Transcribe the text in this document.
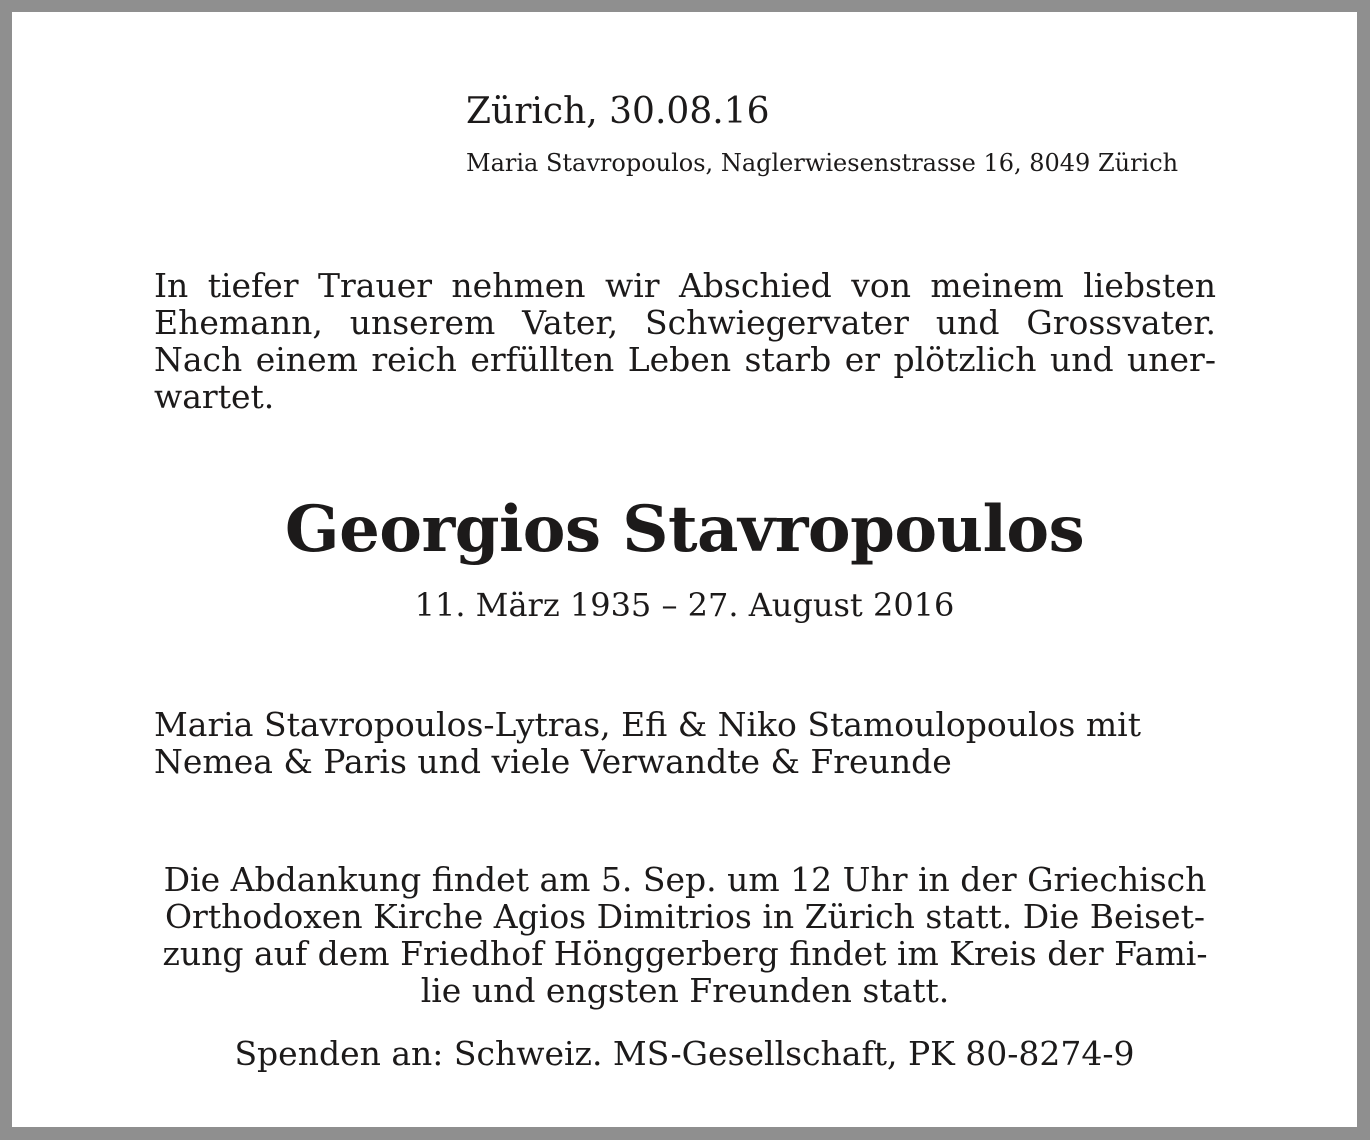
Zürich, 30.08.16
Maria Stavropoulos, Naglerwiesenstrasse 16, 8049 Zürich
In tiefer Trauer nehmen wir Abschied von meinem liebsten
Ehemann, unserem Vater, Schwiegervater und Grossvater.
Nach einem reich erfüllten Leben starb er plötzlich und uner-
wartet.
Georgios Stavropoulos
11. März 1935 – 27. August 2016
Maria Stavropoulos-Lytras, Efi & Niko Stamoulopoulos mit
Nemea & Paris und viele Verwandte & Freunde
Die Abdankung findet am 5. Sep. um 12 Uhr in der Griechisch
Orthodoxen Kirche Agios Dimitrios in Zürich statt. Die Beiset-
zung auf dem Friedhof Hönggerberg findet im Kreis der Fami-
lie und engsten Freunden statt.
Spenden an: Schweiz. MS-Gesellschaft, PK 80-8274-9
